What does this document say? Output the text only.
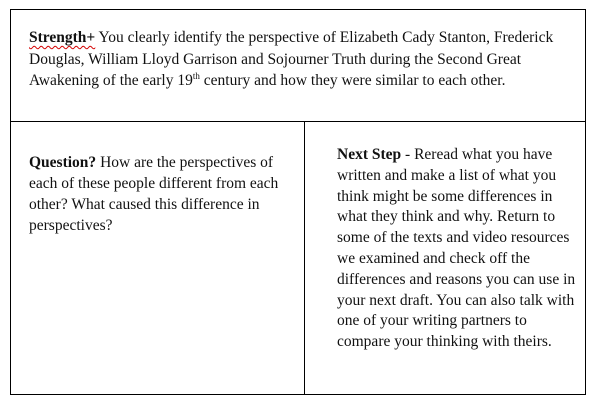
Strength+ You clearly identify the perspective of Elizabeth Cady Stanton, Frederick Douglas, William Lloyd Garrison and Sojourner Truth during the Second Great Awakening of the early 19th century and how they were similar to each other.

Question? How are the perspectives of each of these people different from each other? What caused this difference in perspectives?

Next Step - Reread what you have written and make a list of what you think might be some differences in what they think and why. Return to some of the texts and video resources we examined and check off the differences and reasons you can use in your next draft. You can also talk with one of your writing partners to compare your thinking with theirs.
